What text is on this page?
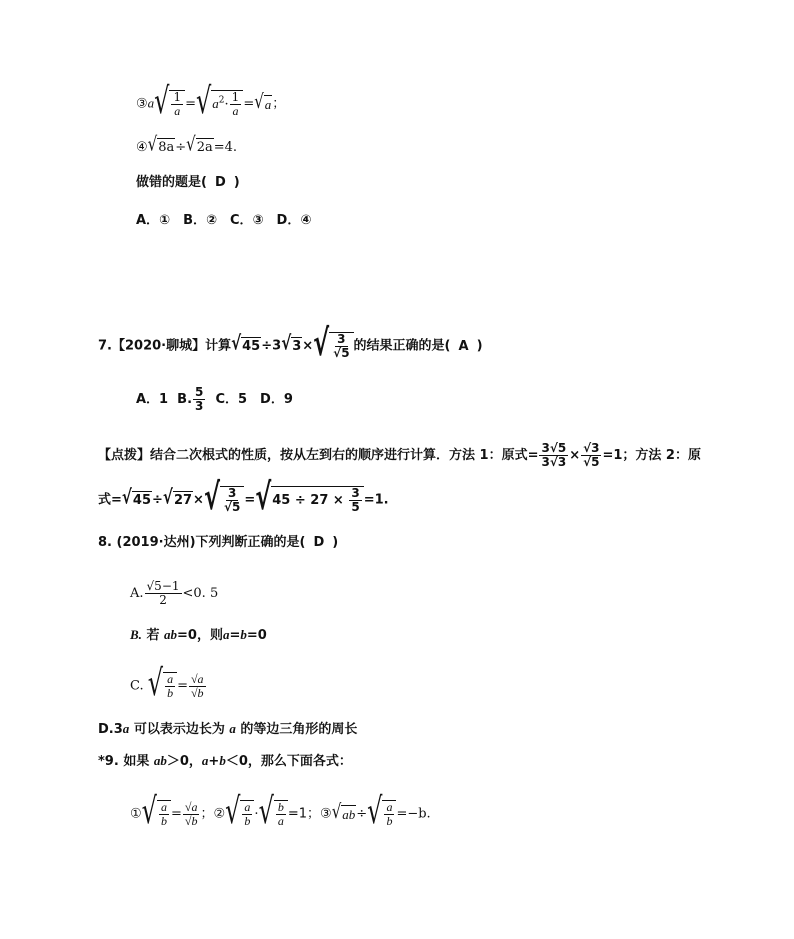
③a √ $\frac{1}{a}$ = √ $a^2\cdot \frac{1}{a}$ = √ a ；
④ √ 8a ÷ √ 2a =4.
做错的题是( D )
A．①　B．②　C．③　D．④
7.【2020·聊城】计算 √ 45 ÷3 √ 3 × √ $\frac{3}{√5}$ 的结果正确的是( A )
A．1 B. $\frac{5}{3}$ C．5　D．9
【点拨】结合二次根式的性质，按从左到右的顺序进行计算．方法 1：原式= $\frac{3√5}{3√3} \times \frac{√3}{√5} =1$；方法 2：原
式= √ 45 ÷ √ 27 × √ $\frac{3}{√5}$ = √ $45 \div 27 \times \frac{3}{5} =1$.
8. (2019·达州)下列判断正确的是( D )
A. $\frac{√5-1}{2} <0$. 5
B. 若 ab=0，则a=b=0
C. √ $\frac{a}{b} = \frac{√a}{√b}$
D.3a 可以表示边长为 a 的等边三角形的周长
*9. 如果 ab＞0，a+b＜0，那么下面各式：
① √ $\frac{a}{b} = \frac{√a}{√b}$ ；② √ $\frac{a}{b}$ · √ $\frac{b}{a} =1$；③ √ ab ÷ √ $\frac{a}{b} =-b$.
